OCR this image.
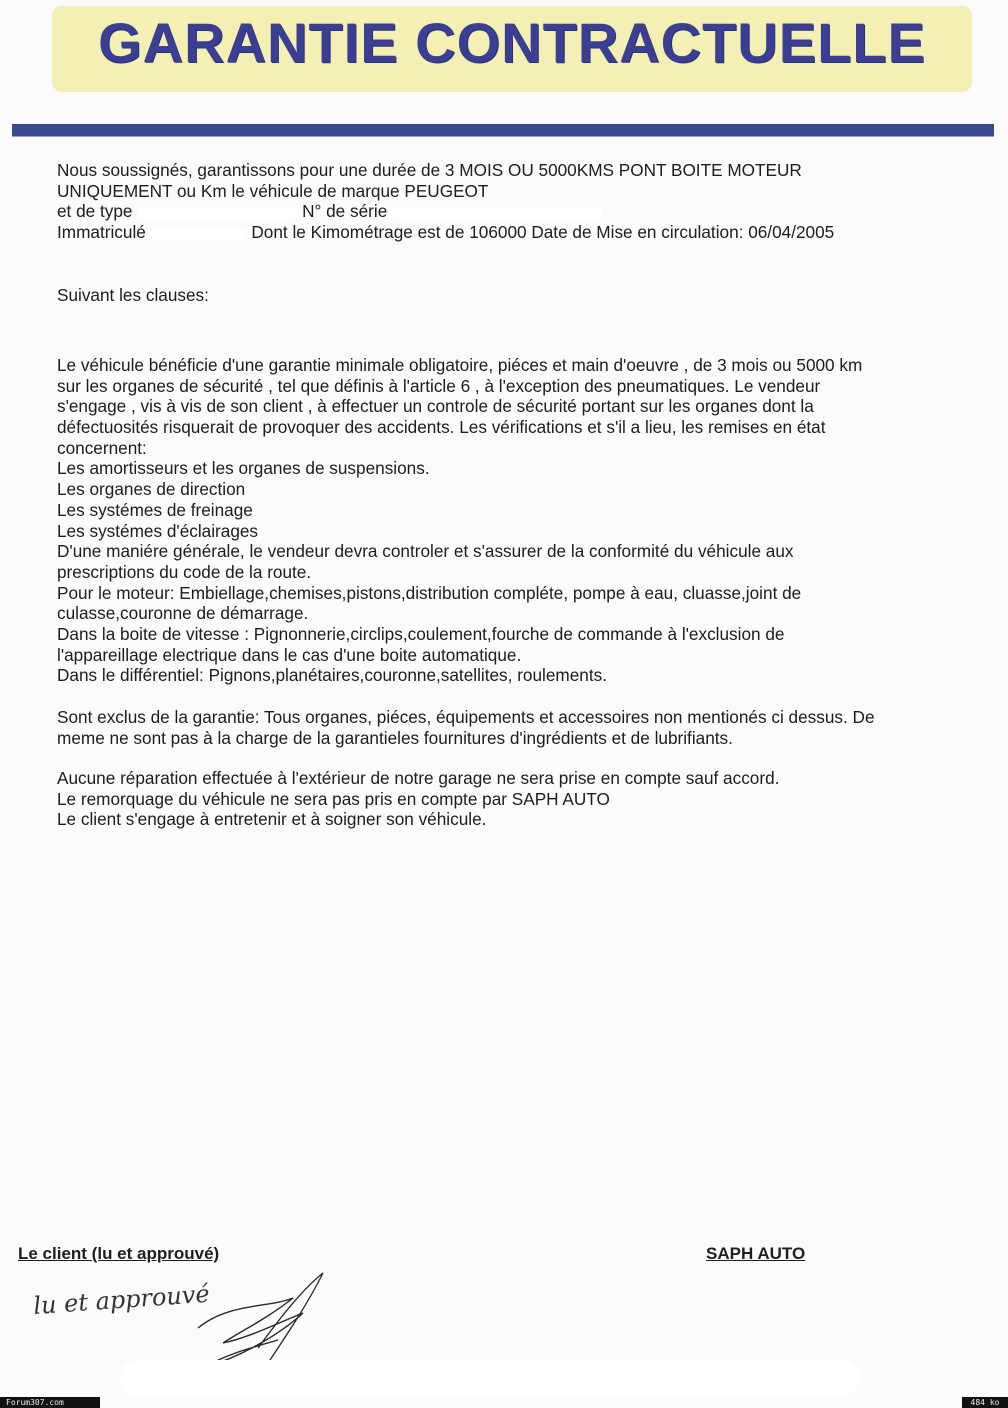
GARANTIE CONTRACTUELLE
Nous soussignés, garantissons pour une durée de 3 MOIS OU 5000KMS PONT BOITE MOTEUR
UNIQUEMENT ou Km le véhicule de marque PEUGEOT
et de type	N° de série
Immatriculé	Dont le Kimométrage est de 106000 Date de Mise en circulation: 06/04/2005
Suivant les clauses:
Le véhicule bénéficie d'une garantie minimale obligatoire, piéces et main d'oeuvre , de 3 mois ou 5000 km
sur les organes de sécurité , tel que définis à l'article 6 , à l'exception des pneumatiques. Le vendeur
s'engage , vis à vis de son client , à effectuer un controle de sécurité portant sur les organes dont la
défectuosités risquerait de provoquer des accidents. Les vérifications et s'il a lieu, les remises en état
concernent:
Les amortisseurs et les organes de suspensions.
Les organes de direction
Les systémes de freinage
Les systémes d'éclairages
D'une maniére générale, le vendeur devra controler et s'assurer de la conformité du véhicule aux
prescriptions du code de la route.
Pour le moteur: Embiellage,chemises,pistons,distribution compléte, pompe à eau, cluasse,joint de
culasse,couronne de démarrage.
Dans la boite de vitesse : Pignonnerie,circlips,coulement,fourche de commande à l'exclusion de
l'appareillage electrique dans le cas d'une boite automatique.
Dans le différentiel: Pignons,planétaires,couronne,satellites, roulements.
Sont exclus de la garantie: Tous organes, piéces, équipements et accessoires non mentionés ci dessus. De
meme ne sont pas à la charge de la garantieles fournitures d'ingrédients et de lubrifiants.
Aucune réparation effectuée à l'extérieur de notre garage ne sera prise en compte sauf accord.
Le remorquage du véhicule ne sera pas pris en compte par SAPH AUTO
Le client s'engage à entretenir et à soigner son véhicule.
Le client (lu et approuvé)	SAPH AUTO
lu et approuvé
Forum307.com	484 ko
